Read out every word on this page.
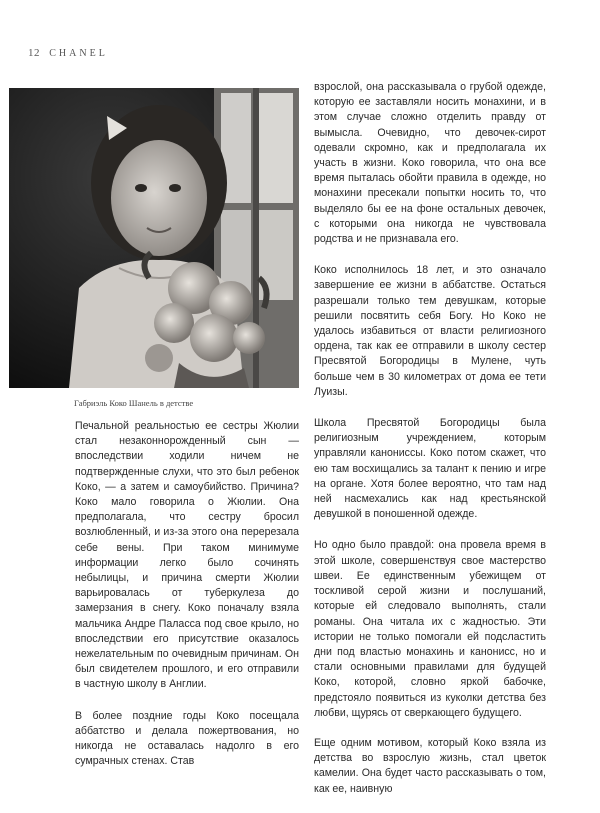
12 CHANEL
Габриэль Коко Шанель в детстве

Печальной реальностью ее сестры Жюлии стал незаконнорожденный сын — впоследствии ходили ничем не подтвержденные слухи, что это был ребенок Коко, — а затем и самоубийство. Причина? Коко мало говорила о Жюлии. Она предполагала, что сестру бросил возлюбленный, и из-за этого она перерезала себе вены. При таком минимуме информации легко было сочинять небылицы, и причина смерти Жюлии варьировалась от туберкулеза до замерзания в снегу. Коко поначалу взяла мальчика Андре Паласса под свое крыло, но впоследствии его присутствие оказалось нежелательным по очевидным причинам. Он был свидетелем прошлого, и его отправили в частную школу в Англии.

В более поздние годы Коко посещала аббатство и делала пожертвования, но никогда не оставалась надолго в его сумрачных стенах. Став

взрослой, она рассказывала о грубой одежде, которую ее заставляли носить монахини, и в этом случае сложно отделить правду от вымысла. Очевидно, что девочек-сирот одевали скромно, как и предполагала их участь в жизни. Коко говорила, что она все время пыталась обойти правила в одежде, но монахини пресекали попытки носить то, что выделяло бы ее на фоне остальных девочек, с которыми она никогда не чувствовала родства и не признавала его.

Коко исполнилось 18 лет, и это означало завершение ее жизни в аббатстве. Остаться разрешали только тем девушкам, которые решили посвятить себя Богу. Но Коко не удалось избавиться от власти религиозного ордена, так как ее отправили в школу сестер Пресвятой Богородицы в Мулене, чуть больше чем в 30 километрах от дома ее тети Луизы.

Школа Пресвятой Богородицы была религиозным учреждением, которым управляли канониссы. Коко потом скажет, что ею там восхищались за талант к пению и игре на органе. Хотя более вероятно, что там над ней насмехались как над крестьянской девушкой в поношенной одежде.

Но одно было правдой: она провела время в этой школе, совершенствуя свое мастерство швеи. Ее единственным убежищем от тоскливой серой жизни и послушаний, которые ей следовало выполнять, стали романы. Она читала их с жадностью. Эти истории не только помогали ей подсластить дни под властью монахинь и канонисс, но и стали основными правилами для будущей Коко, которой, словно яркой бабочке, предстояло появиться из куколки детства без любви, щурясь от сверкающего будущего.

Еще одним мотивом, который Коко взяла из детства во взрослую жизнь, стал цветок камелии. Она будет часто рассказывать о том, как ее, наивную
